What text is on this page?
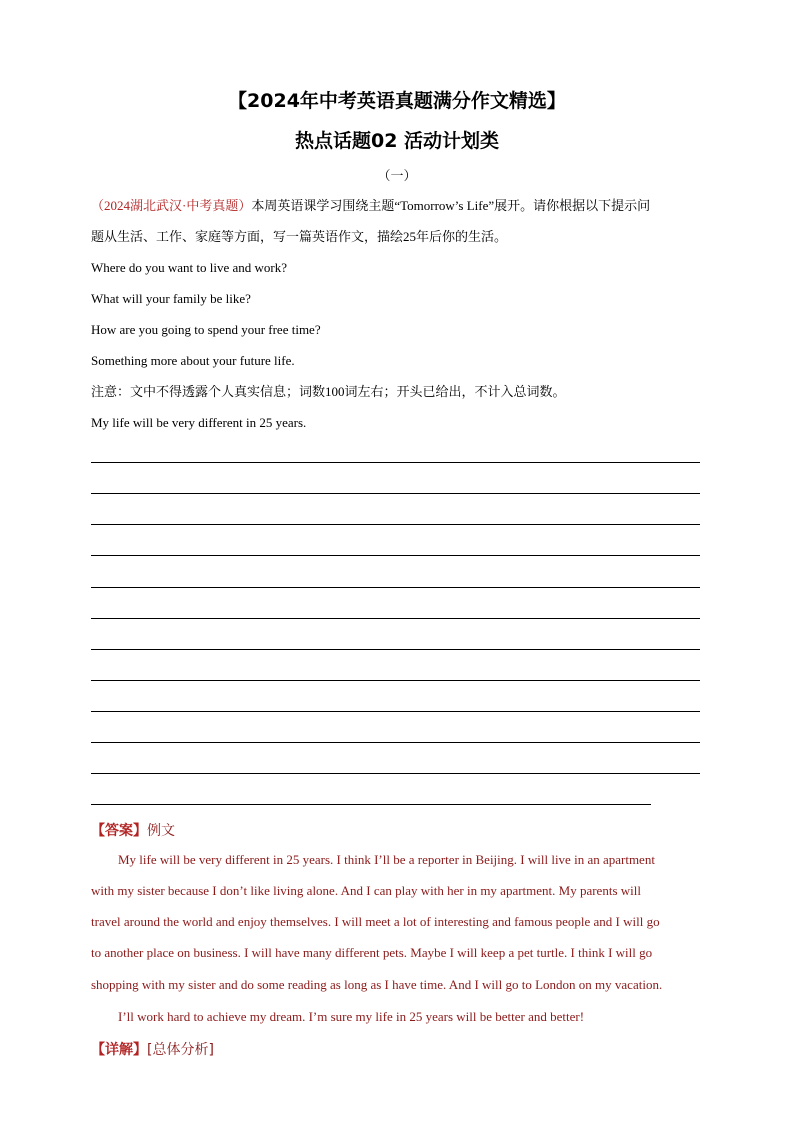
【2024年中考英语真题满分作文精选】
热点话题02 活动计划类
（一）
（2024湖北武汉·中考真题）本周英语课学习围绕主题“Tomorrow’s Life”展开。请你根据以下提示问
题从生活、工作、家庭等方面，写一篇英语作文，描绘25年后你的生活。
Where do you want to live and work?
What will your family be like?
How are you going to spend your free time?
Something more about your future life.
注意：文中不得透露个人真实信息；词数100词左右；开头已给出，不计入总词数。
My life will be very different in 25 years.
【答案】例文
My life will be very different in 25 years. I think I’ll be a reporter in Beijing. I will live in an apartment
with my sister because I don’t like living alone. And I can play with her in my apartment. My parents will
travel around the world and enjoy themselves. I will meet a lot of interesting and famous people and I will go
to another place on business. I will have many different pets. Maybe I will keep a pet turtle. I think I will go
shopping with my sister and do some reading as long as I have time. And I will go to London on my vacation.
I’ll work hard to achieve my dream. I’m sure my life in 25 years will be better and better!
【详解】[总体分析]
